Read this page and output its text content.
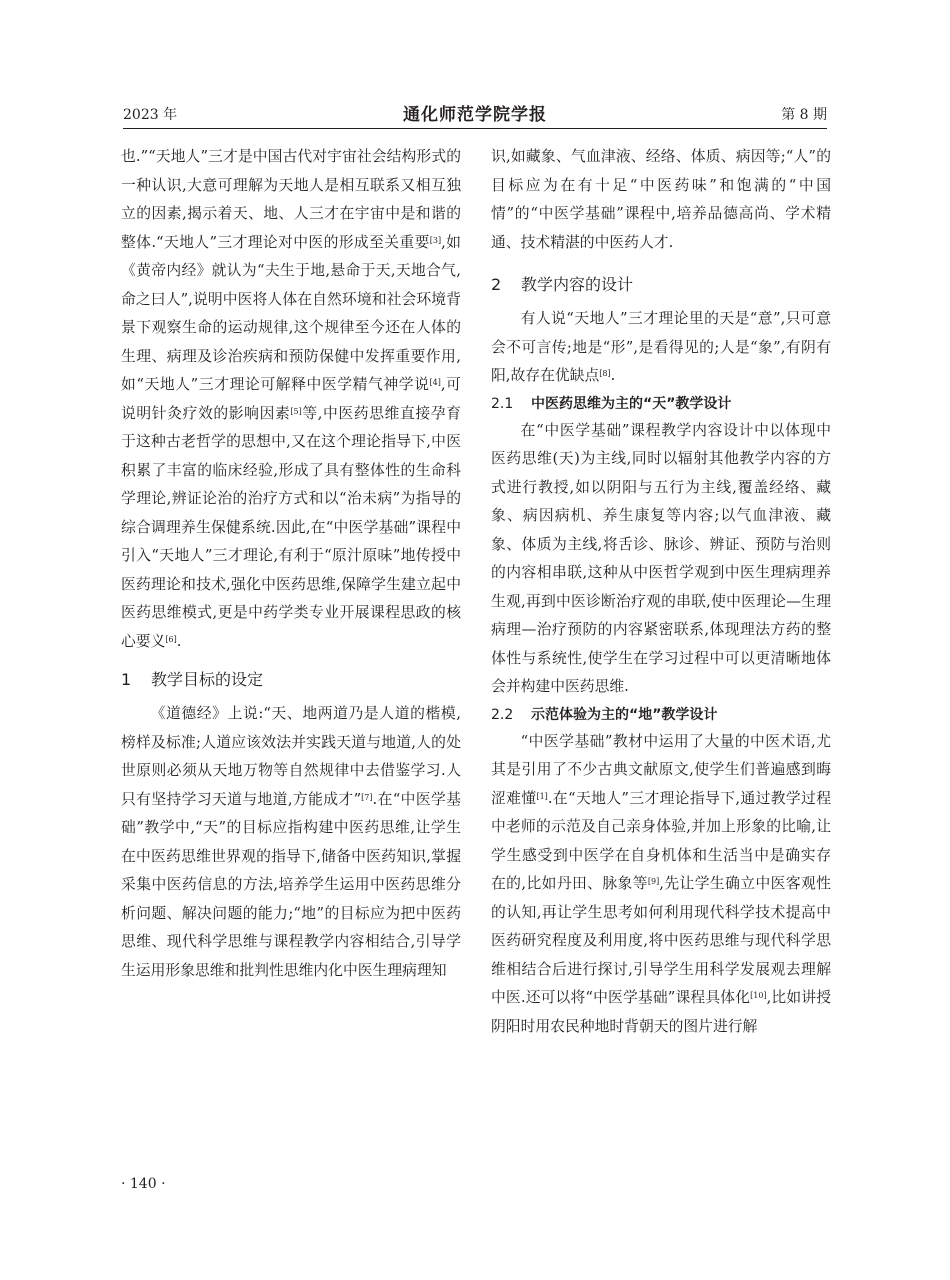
2023 年	通化师范学院学报	第 8 期

也.”“天地人”三才是中国古代对宇宙社会结构形式的一种认识,大意可理解为天地人是相互联系又相互独立的因素,揭示着天、地、人三才在宇宙中是和谐的整体.“天地人”三才理论对中医的形成至关重要[3],如《黄帝内经》就认为“夫生于地,悬命于天,天地合气,命之曰人”,说明中医将人体在自然环境和社会环境背景下观察生命的运动规律,这个规律至今还在人体的生理、病理及诊治疾病和预防保健中发挥重要作用,如“天地人”三才理论可解释中医学精气神学说[4],可说明针灸疗效的影响因素[5]等,中医药思维直接孕育于这种古老哲学的思想中,又在这个理论指导下,中医积累了丰富的临床经验,形成了具有整体性的生命科学理论,辨证论治的治疗方式和以“治未病”为指导的综合调理养生保健系统.因此,在“中医学基础”课程中引入“天地人”三才理论,有利于“原汁原味”地传授中医药理论和技术,强化中医药思维,保障学生建立起中医药思维模式,更是中药学类专业开展课程思政的核心要义[6].

1 教学目标的设定

《道德经》上说:“天、地两道乃是人道的楷模,榜样及标准;人道应该效法并实践天道与地道,人的处世原则必须从天地万物等自然规律中去借鉴学习.人只有坚持学习天道与地道,方能成才”[7].在“中医学基础”教学中,“天”的目标应指构建中医药思维,让学生在中医药思维世界观的指导下,储备中医药知识,掌握采集中医药信息的方法,培养学生运用中医药思维分析问题、解决问题的能力;“地”的目标应为把中医药思维、现代科学思维与课程教学内容相结合,引导学生运用形象思维和批判性思维内化中医生理病理知

识,如藏象、气血津液、经络、体质、病因等;“人”的目标应为在有十足“中医药味”和饱满的“中国情”的“中医学基础”课程中,培养品德高尚、学术精通、技术精湛的中医药人才.

2 教学内容的设计

有人说“天地人”三才理论里的天是“意”,只可意会不可言传;地是“形”,是看得见的;人是“象”,有阴有阳,故存在优缺点[8].

2.1 中医药思维为主的“天”教学设计

在“中医学基础”课程教学内容设计中以体现中医药思维(天)为主线,同时以辐射其他教学内容的方式进行教授,如以阴阳与五行为主线,覆盖经络、藏象、病因病机、养生康复等内容;以气血津液、藏象、体质为主线,将舌诊、脉诊、辨证、预防与治则的内容相串联,这种从中医哲学观到中医生理病理养生观,再到中医诊断治疗观的串联,使中医理论—生理病理—治疗预防的内容紧密联系,体现理法方药的整体性与系统性,使学生在学习过程中可以更清晰地体会并构建中医药思维.

2.2 示范体验为主的“地”教学设计

“中医学基础”教材中运用了大量的中医术语,尤其是引用了不少古典文献原文,使学生们普遍感到晦涩难懂[1].在“天地人”三才理论指导下,通过教学过程中老师的示范及自己亲身体验,并加上形象的比喻,让学生感受到中医学在自身机体和生活当中是确实存在的,比如丹田、脉象等[9],先让学生确立中医客观性的认知,再让学生思考如何利用现代科学技术提高中医药研究程度及利用度,将中医药思维与现代科学思维相结合后进行探讨,引导学生用科学发展观去理解中医.还可以将“中医学基础”课程具体化[10],比如讲授阴阳时用农民种地时背朝天的图片进行解

· 140 ·
